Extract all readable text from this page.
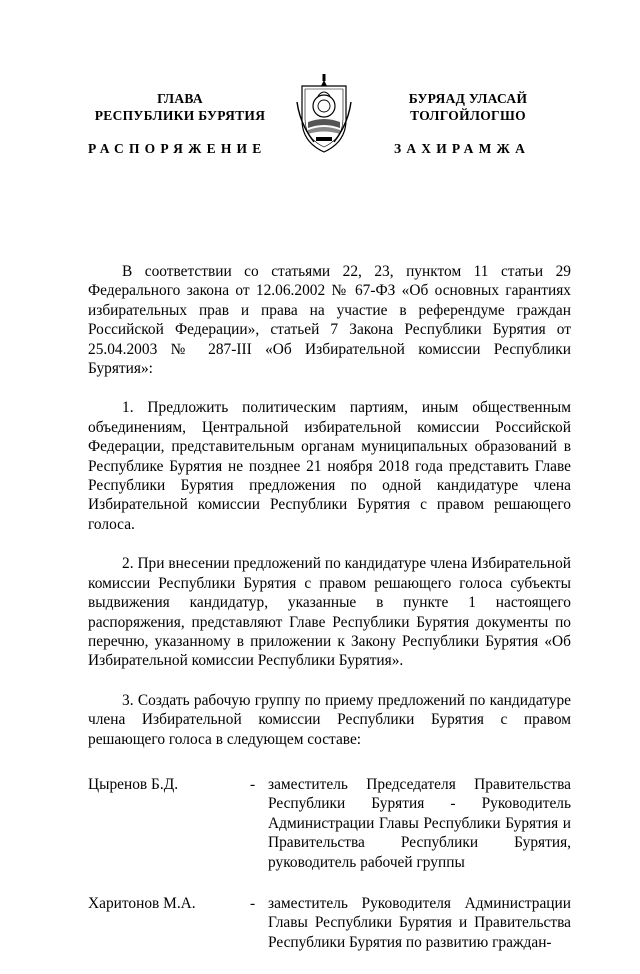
ГЛАВА
РЕСПУБЛИКИ БУРЯТИЯ
БУРЯАД УЛАСАЙ
ТОЛГОЙЛОГШО
РАСПОРЯЖЕНИЕ	ЗАХИРАМЖА

В соответствии со статьями 22, 23, пунктом 11 статьи 29 Федерального закона от 12.06.2002 № 67-ФЗ «Об основных гарантиях избирательных прав и права на участие в референдуме граждан Российской Федерации», статьей 7 Закона Республики Бурятия от 25.04.2003 № 287-III «Об Избирательной комиссии Республики Бурятия»:

1. Предложить политическим партиям, иным общественным объединениям, Центральной избирательной комиссии Российской Федерации, представительным органам муниципальных образований в Республике Бурятия не позднее 21 ноября 2018 года представить Главе Республики Бурятия предложения по одной кандидатуре члена Избирательной комиссии Республики Бурятия с правом решающего голоса.

2. При внесении предложений по кандидатуре члена Избирательной комиссии Республики Бурятия с правом решающего голоса субъекты выдвижения кандидатур, указанные в пункте 1 настоящего распоряжения, представляют Главе Республики Бурятия документы по перечню, указанному в приложении к Закону Республики Бурятия «Об Избирательной комиссии Республики Бурятия».

3. Создать рабочую группу по приему предложений по кандидатуре члена Избирательной комиссии Республики Бурятия с правом решающего голоса в следующем составе:

Цыренов Б.Д.	- заместитель Председателя Правительства Республики Бурятия - Руководитель Администрации Главы Республики Бурятия и Правительства Республики Бурятия, руководитель рабочей группы
Харитонов М.А.	- заместитель Руководителя Администрации Главы Республики Бурятия и Правительства Республики Бурятия по развитию граждан-
